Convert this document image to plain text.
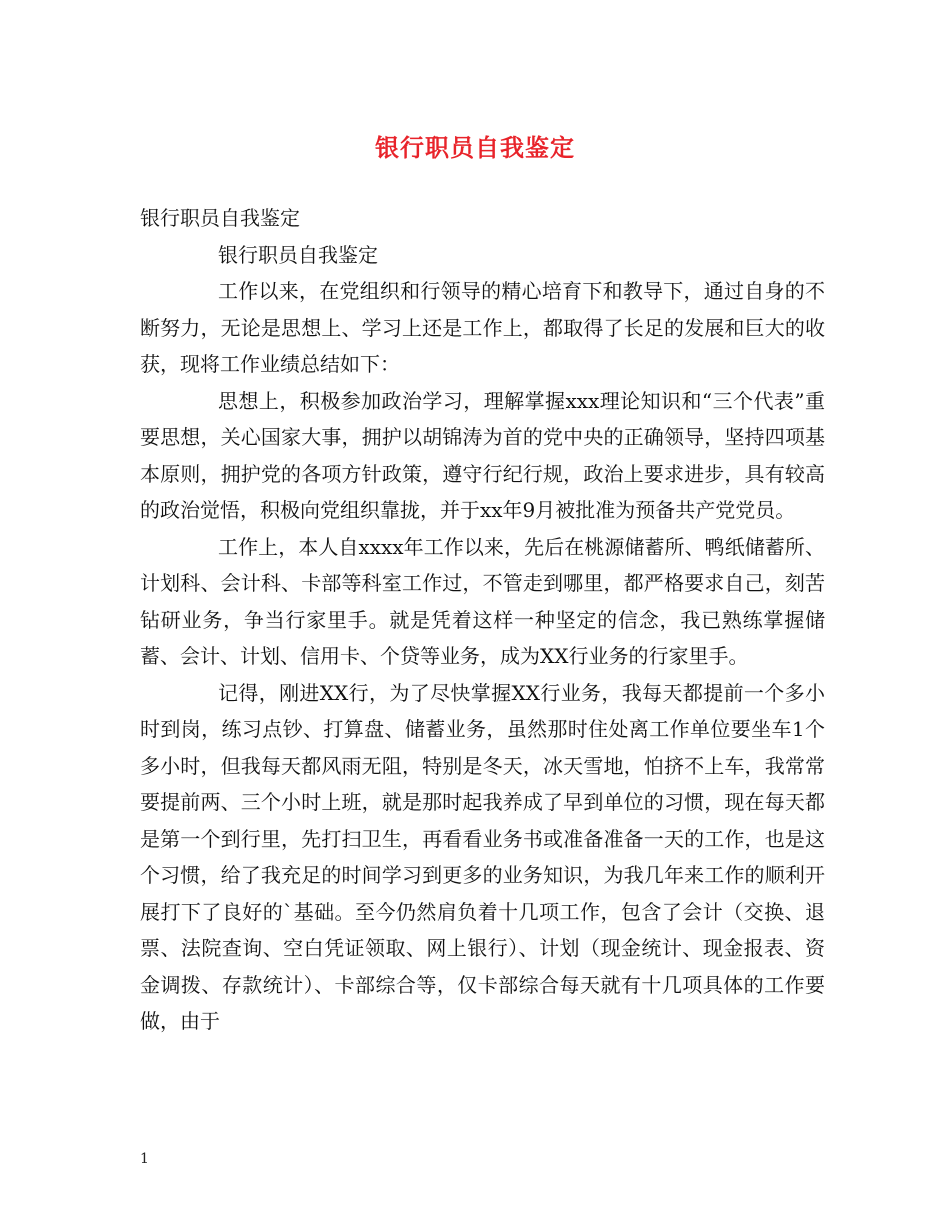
银行职员自我鉴定

银行职员自我鉴定

银行职员自我鉴定

工作以来，在党组织和行领导的精心培育下和教导下，通过自身的不断努力，无论是思想上、学习上还是工作上，都取得了长足的发展和巨大的收获，现将工作业绩总结如下：

思想上，积极参加政治学习，理解掌握xxx理论知识和“三个代表”重要思想，关心国家大事，拥护以胡锦涛为首的党中央的正确领导，坚持四项基本原则，拥护党的各项方针政策，遵守行纪行规，政治上要求进步，具有较高的政治觉悟，积极向党组织靠拢，并于xx年9月被批准为预备共产党党员。

工作上，本人自xxxx年工作以来，先后在桃源储蓄所、鸭纸储蓄所、计划科、会计科、卡部等科室工作过，不管走到哪里，都严格要求自己，刻苦钻研业务，争当行家里手。就是凭着这样一种坚定的信念，我已熟练掌握储蓄、会计、计划、信用卡、个贷等业务，成为XX行业务的行家里手。

记得，刚进XX行，为了尽快掌握XX行业务，我每天都提前一个多小时到岗，练习点钞、打算盘、储蓄业务，虽然那时住处离工作单位要坐车1个多小时，但我每天都风雨无阻，特别是冬天，冰天雪地，怕挤不上车，我常常要提前两、三个小时上班，就是那时起我养成了早到单位的习惯，现在每天都是第一个到行里，先打扫卫生，再看看业务书或准备准备一天的工作，也是这个习惯，给了我充足的时间学习到更多的业务知识，为我几年来工作的顺利开展打下了良好的`基础。至今仍然肩负着十几项工作，包含了会计（交换、退票、法院查询、空白凭证领取、网上银行）、计划（现金统计、现金报表、资金调拨、存款统计）、卡部综合等，仅卡部综合每天就有十几项具体的工作要做，由于

1
